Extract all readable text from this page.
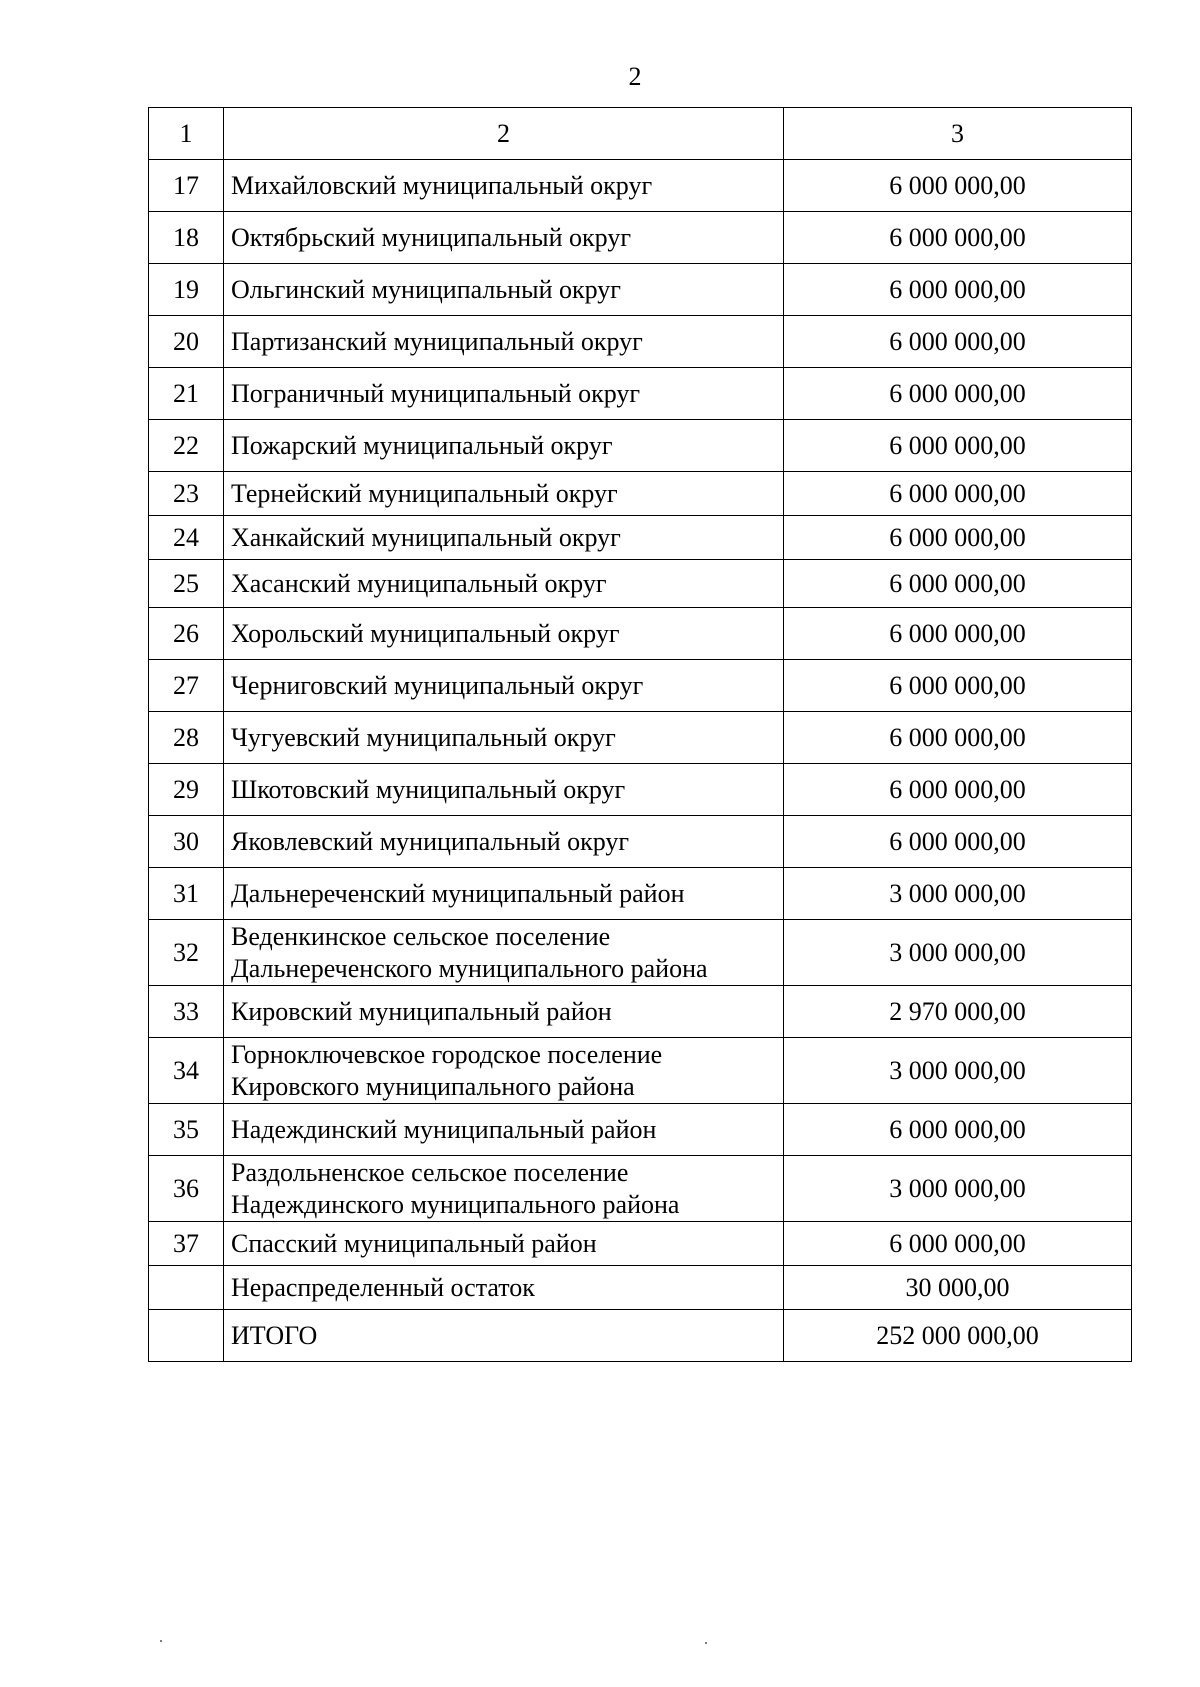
2
1	2	3
17	Михайловский муниципальный округ	6 000 000,00
18	Октябрьский муниципальный округ	6 000 000,00
19	Ольгинский муниципальный округ	6 000 000,00
20	Партизанский муниципальный округ	6 000 000,00
21	Пограничный муниципальный округ	6 000 000,00
22	Пожарский муниципальный округ	6 000 000,00
23	Тернейский муниципальный округ	6 000 000,00
24	Ханкайский муниципальный округ	6 000 000,00
25	Хасанский муниципальный округ	6 000 000,00
26	Хорольский муниципальный округ	6 000 000,00
27	Черниговский муниципальный округ	6 000 000,00
28	Чугуевский муниципальный округ	6 000 000,00
29	Шкотовский муниципальный округ	6 000 000,00
30	Яковлевский муниципальный округ	6 000 000,00
31	Дальнереченский муниципальный район	3 000 000,00
32	Веденкинское сельское поселение
Дальнереченского муниципального района	3 000 000,00
33	Кировский муниципальный район	2 970 000,00
34	Горноключевское городское поселение
Кировского муниципального района	3 000 000,00
35	Надеждинский муниципальный район	6 000 000,00
36	Раздольненское сельское поселение
Надеждинского муниципального района	3 000 000,00
37	Спасский муниципальный район	6 000 000,00

	Нераспределенный остаток	30 000,00

	ИТОГО	252 000 000,00
